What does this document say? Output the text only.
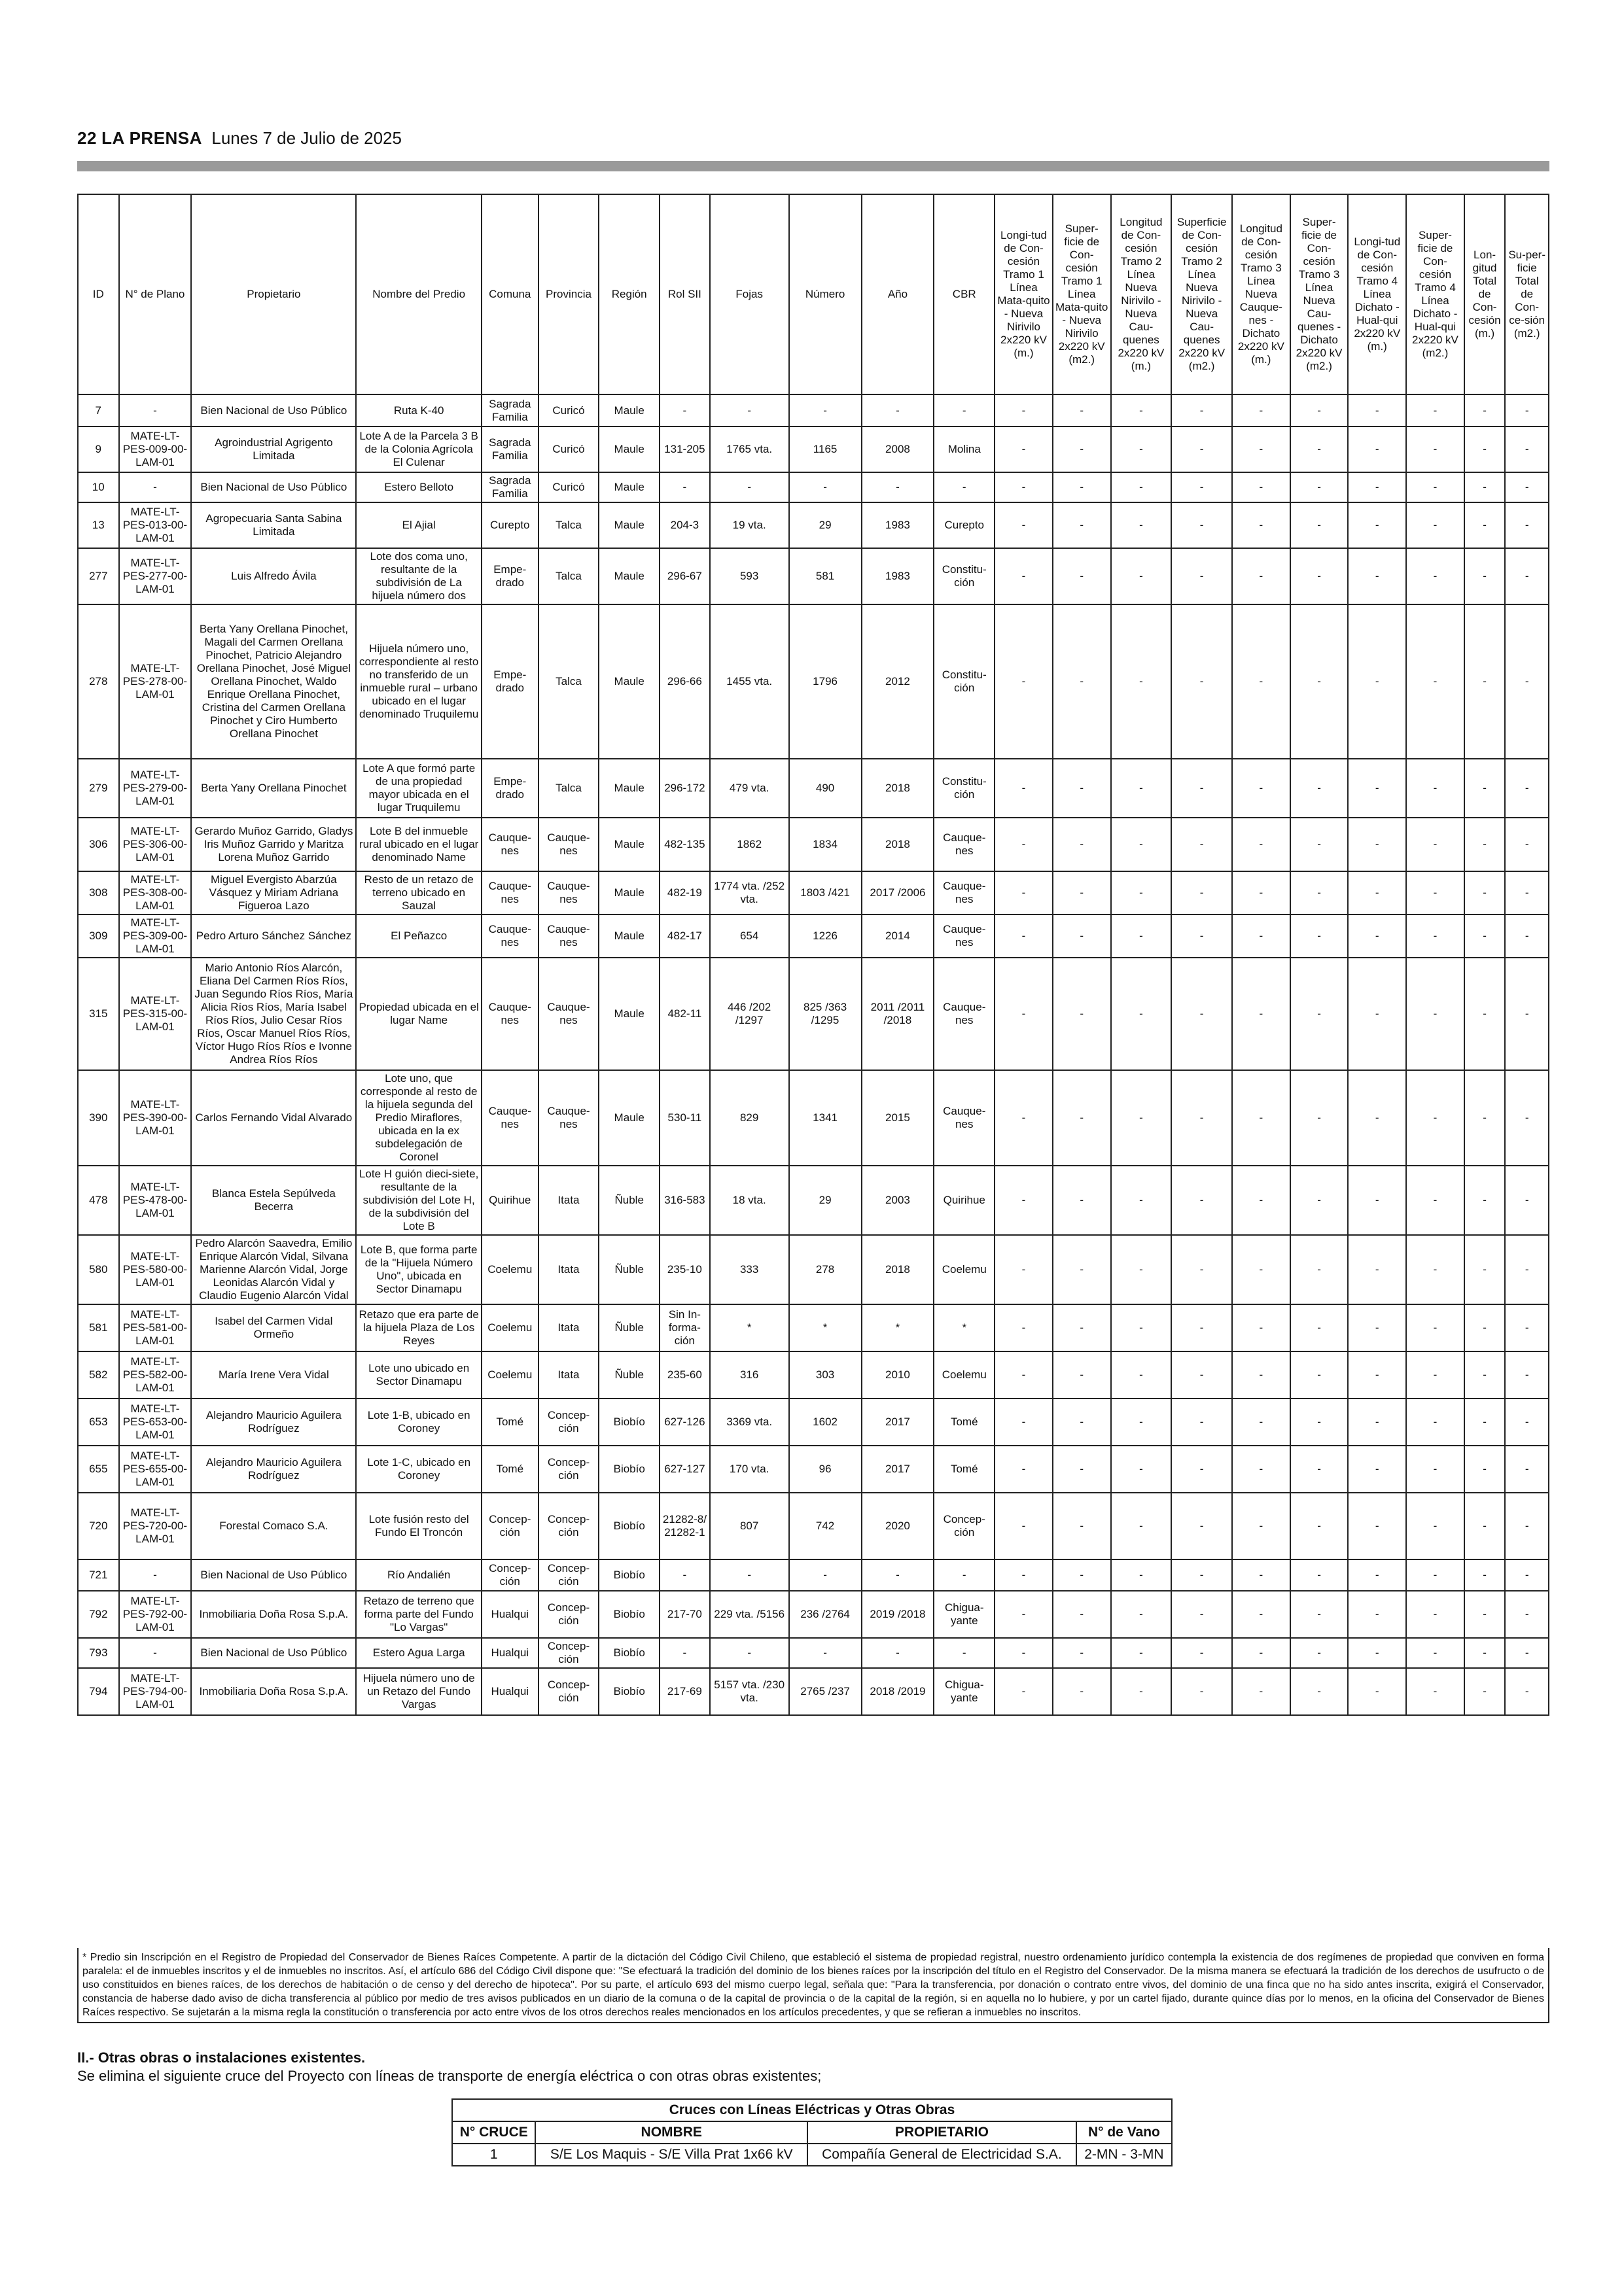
22 LA PRENSA Lunes 7 de Julio de 2025
ID	N° de Plano	Propietario	Nombre del Predio	Comuna	Provincia	Región	Rol SII	Fojas	Número	Año	CBR	Longi-tud de Con-cesión Tramo 1 Línea Mata-quito - Nueva Nirivilo 2x220 kV (m.)	Super-ficie de Con-cesión Tramo 1 Línea Mata-quito - Nueva Nirivilo 2x220 kV (m2.)	Longitud de Con-cesión Tramo 2 Línea Nueva Nirivilo - Nueva Cau-quenes 2x220 kV (m.)	Superficie de Con-cesión Tramo 2 Línea Nueva Nirivilo - Nueva Cau-quenes 2x220 kV (m2.)	Longitud de Con-cesión Tramo 3 Línea Nueva Cauque-nes - Dichato 2x220 kV (m.)	Super-ficie de Con-cesión Tramo 3 Línea Nueva Cau-quenes - Dichato 2x220 kV (m2.)	Longi-tud de Con-cesión Tramo 4 Línea Dichato - Hual-qui 2x220 kV (m.)	Super-ficie de Con-cesión Tramo 4 Línea Dichato - Hual-qui 2x220 kV (m2.)	Lon-gitud Total de Con-cesión (m.)	Su-per-ficie Total de Con-ce-sión (m2.)
7	-	Bien Nacional de Uso Público	Ruta K-40	Sagrada Familia	Curicó	Maule	-	-	-	-	-	-	-	-	-	-	-	-	-	-	-
9	MATE-LT-PES-009-00-LAM-01	Agroindustrial Agrigento Limitada	Lote A de la Parcela 3 B de la Colonia Agrícola El Culenar	Sagrada Familia	Curicó	Maule	131-205	1765 vta.	1165	2008	Molina	-	-	-	-	-	-	-	-	-	-
10	-	Bien Nacional de Uso Público	Estero Belloto	Sagrada Familia	Curicó	Maule	-	-	-	-	-	-	-	-	-	-	-	-	-	-	-
13	MATE-LT-PES-013-00-LAM-01	Agropecuaria Santa Sabina Limitada	El Ajial	Curepto	Talca	Maule	204-3	19 vta.	29	1983	Curepto	-	-	-	-	-	-	-	-	-	-
277	MATE-LT-PES-277-00-LAM-01	Luis Alfredo Ávila	Lote dos coma uno, resultante de la subdivisión de La hijuela número dos	Empe-drado	Talca	Maule	296-67	593	581	1983	Constitu-ción	-	-	-	-	-	-	-	-	-	-
278	MATE-LT-PES-278-00-LAM-01	Berta Yany Orellana Pinochet, Magali del Carmen Orellana Pinochet, Patricio Alejandro Orellana Pinochet, José Miguel Orellana Pinochet, Waldo Enrique Orellana Pinochet, Cristina del Carmen Orellana Pinochet y Ciro Humberto Orellana Pinochet	Hijuela número uno, correspondiente al resto no transferido de un inmueble rural – urbano ubicado en el lugar denominado Truquilemu	Empe-drado	Talca	Maule	296-66	1455 vta.	1796	2012	Constitu-ción	-	-	-	-	-	-	-	-	-	-
279	MATE-LT-PES-279-00-LAM-01	Berta Yany Orellana Pinochet	Lote A que formó parte de una propiedad mayor ubicada en el lugar Truquilemu	Empe-drado	Talca	Maule	296-172	479 vta.	490	2018	Constitu-ción	-	-	-	-	-	-	-	-	-	-
306	MATE-LT-PES-306-00-LAM-01	Gerardo Muñoz Garrido, Gladys Iris Muñoz Garrido y Maritza Lorena Muñoz Garrido	Lote B del inmueble rural ubicado en el lugar denominado Name	Cauque-nes	Cauque-nes	Maule	482-135	1862	1834	2018	Cauque-nes	-	-	-	-	-	-	-	-	-	-
308	MATE-LT-PES-308-00-LAM-01	Miguel Evergisto Abarzúa Vásquez y Miriam Adriana Figueroa Lazo	Resto de un retazo de terreno ubicado en Sauzal	Cauque-nes	Cauque-nes	Maule	482-19	1774 vta. /252 vta.	1803 /421	2017 /2006	Cauque-nes	-	-	-	-	-	-	-	-	-	-
309	MATE-LT-PES-309-00-LAM-01	Pedro Arturo Sánchez Sánchez	El Peñazco	Cauque-nes	Cauque-nes	Maule	482-17	654	1226	2014	Cauque-nes	-	-	-	-	-	-	-	-	-	-
315	MATE-LT-PES-315-00-LAM-01	Mario Antonio Ríos Alarcón, Eliana Del Carmen Ríos Ríos, Juan Segundo Ríos Ríos, María Alicia Ríos Ríos, María Isabel Ríos Ríos, Julio Cesar Ríos Ríos, Oscar Manuel Ríos Ríos, Víctor Hugo Ríos Ríos e Ivonne Andrea Ríos Ríos	Propiedad ubicada en el lugar Name	Cauque-nes	Cauque-nes	Maule	482-11	446 /202 /1297	825 /363 /1295	2011 /2011 /2018	Cauque-nes	-	-	-	-	-	-	-	-	-	-
390	MATE-LT-PES-390-00-LAM-01	Carlos Fernando Vidal Alvarado	Lote uno, que corresponde al resto de la hijuela segunda del Predio Miraflores, ubicada en la ex subdelegación de Coronel	Cauque-nes	Cauque-nes	Maule	530-11	829	1341	2015	Cauque-nes	-	-	-	-	-	-	-	-	-	-
478	MATE-LT-PES-478-00-LAM-01	Blanca Estela Sepúlveda Becerra	Lote H guión dieci-siete, resultante de la subdivisión del Lote H, de la subdivisión del Lote B	Quirihue	Itata	Ñuble	316-583	18 vta.	29	2003	Quirihue	-	-	-	-	-	-	-	-	-	-
580	MATE-LT-PES-580-00-LAM-01	Pedro Alarcón Saavedra, Emilio Enrique Alarcón Vidal, Silvana Marienne Alarcón Vidal, Jorge Leonidas Alarcón Vidal y Claudio Eugenio Alarcón Vidal	Lote B, que forma parte de la "Hijuela Número Uno", ubicada en Sector Dinamapu	Coelemu	Itata	Ñuble	235-10	333	278	2018	Coelemu	-	-	-	-	-	-	-	-	-	-
581	MATE-LT-PES-581-00-LAM-01	Isabel del Carmen Vidal Ormeño	Retazo que era parte de la hijuela Plaza de Los Reyes	Coelemu	Itata	Ñuble	Sin In-forma-ción	*	*	*	*	-	-	-	-	-	-	-	-	-	-
582	MATE-LT-PES-582-00-LAM-01	María Irene Vera Vidal	Lote uno ubicado en Sector Dinamapu	Coelemu	Itata	Ñuble	235-60	316	303	2010	Coelemu	-	-	-	-	-	-	-	-	-	-
653	MATE-LT-PES-653-00-LAM-01	Alejandro Mauricio Aguilera Rodríguez	Lote 1-B, ubicado en Coroney	Tomé	Concep-ción	Biobío	627-126	3369 vta.	1602	2017	Tomé	-	-	-	-	-	-	-	-	-	-
655	MATE-LT-PES-655-00-LAM-01	Alejandro Mauricio Aguilera Rodríguez	Lote 1-C, ubicado en Coroney	Tomé	Concep-ción	Biobío	627-127	170 vta.	96	2017	Tomé	-	-	-	-	-	-	-	-	-	-
720	MATE-LT-PES-720-00-LAM-01	Forestal Comaco S.A.	Lote fusión resto del Fundo El Troncón	Concep-ción	Concep-ción	Biobío	21282-8/ 21282-1	807	742	2020	Concep-ción	-	-	-	-	-	-	-	-	-	-
721	-	Bien Nacional de Uso Público	Río Andalién	Concep-ción	Concep-ción	Biobío	-	-	-	-	-	-	-	-	-	-	-	-	-	-	-
792	MATE-LT-PES-792-00-LAM-01	Inmobiliaria Doña Rosa S.p.A.	Retazo de terreno que forma parte del Fundo "Lo Vargas"	Hualqui	Concep-ción	Biobío	217-70	229 vta. /5156	236 /2764	2019 /2018	Chigua-yante	-	-	-	-	-	-	-	-	-	-
793	-	Bien Nacional de Uso Público	Estero Agua Larga	Hualqui	Concep-ción	Biobío	-	-	-	-	-	-	-	-	-	-	-	-	-	-	-
794	MATE-LT-PES-794-00-LAM-01	Inmobiliaria Doña Rosa S.p.A.	Hijuela número uno de un Retazo del Fundo Vargas	Hualqui	Concep-ción	Biobío	217-69	5157 vta. /230 vta.	2765 /237	2018 /2019	Chigua-yante	-	-	-	-	-	-	-	-	-	-
* Predio sin Inscripción en el Registro de Propiedad del Conservador de Bienes Raíces Competente. A partir de la dictación del Código Civil Chileno, que estableció el sistema de propiedad registral, nuestro ordenamiento jurídico contempla la existencia de dos regímenes de propiedad que conviven en forma paralela: el de inmuebles inscritos y el de inmuebles no inscritos. Así, el artículo 686 del Código Civil dispone que: "Se efectuará la tradición del dominio de los bienes raíces por la inscripción del título en el Registro del Conservador. De la misma manera se efectuará la tradición de los derechos de usufructo o de uso constituidos en bienes raíces, de los derechos de habitación o de censo y del derecho de hipoteca". Por su parte, el artículo 693 del mismo cuerpo legal, señala que: "Para la transferencia, por donación o contrato entre vivos, del dominio de una finca que no ha sido antes inscrita, exigirá el Conservador, constancia de haberse dado aviso de dicha transferencia al público por medio de tres avisos publicados en un diario de la comuna o de la capital de provincia o de la capital de la región, si en aquella no lo hubiere, y por un cartel fijado, durante quince días por lo menos, en la oficina del Conservador de Bienes Raíces respectivo. Se sujetarán a la misma regla la constitución o transferencia por acto entre vivos de los otros derechos reales mencionados en los artículos precedentes, y que se refieran a inmuebles no inscritos.
II.- Otras obras o instalaciones existentes.
Se elimina el siguiente cruce del Proyecto con líneas de transporte de energía eléctrica o con otras obras existentes;
Cruces con Líneas Eléctricas y Otras Obras			
N° CRUCE	NOMBRE	PROPIETARIO	N° de Vano
1	S/E Los Maquis - S/E Villa Prat 1x66 kV	Compañía General de Electricidad S.A.	2-MN - 3-MN
